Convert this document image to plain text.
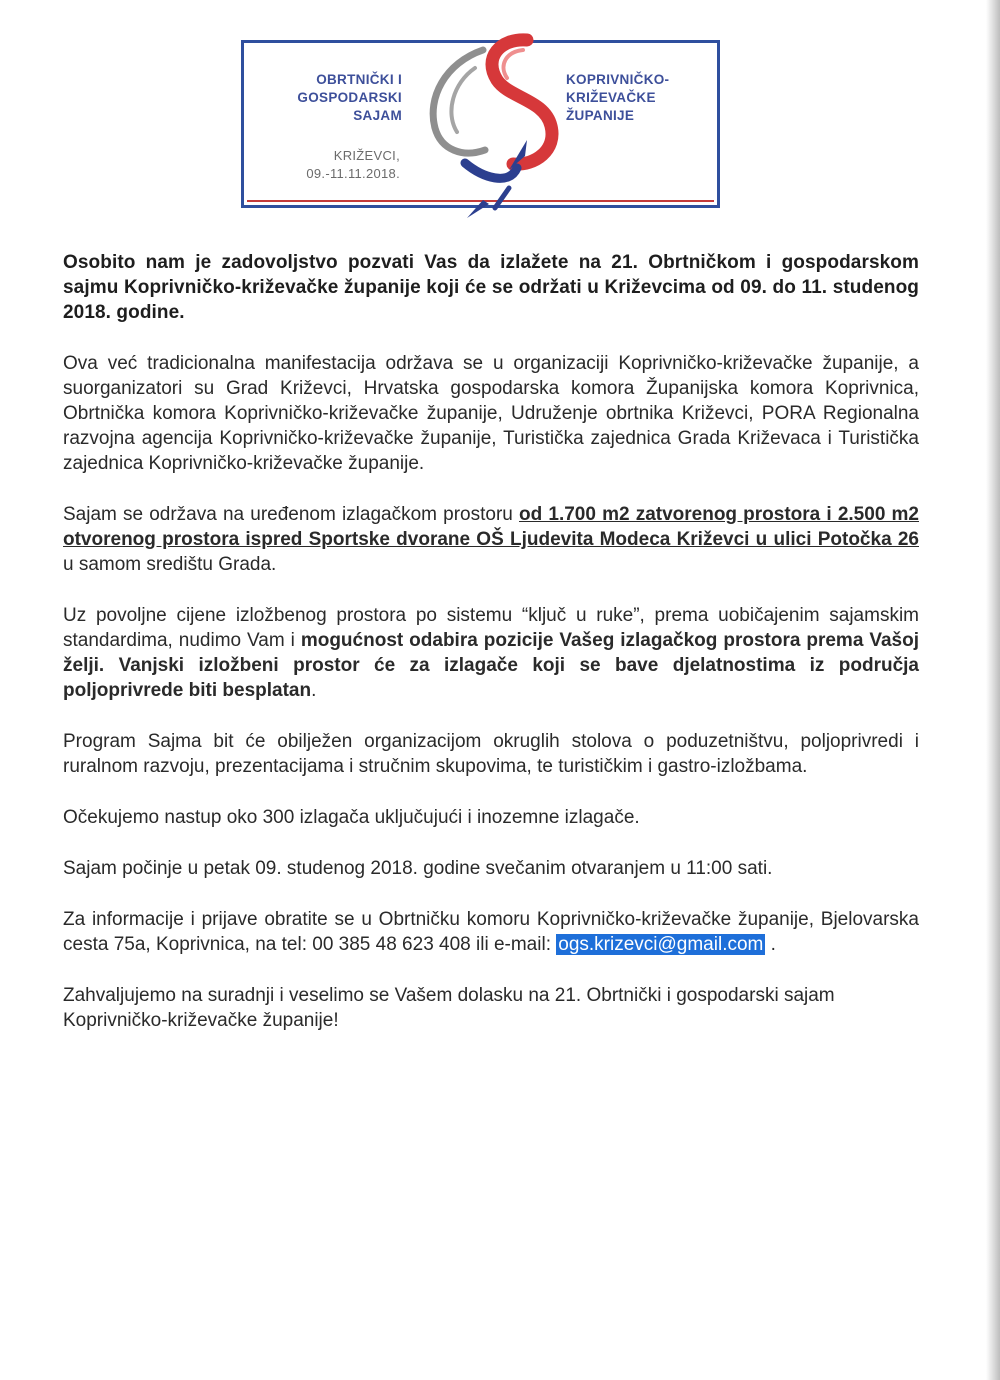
OBRTNIČKI I
GOSPODARSKI
SAJAM
KOPRIVNIČKO-
KRIŽEVAČKE
ŽUPANIJE
KRIŽEVCI,
09.-11.11.2018.

Osobito nam je zadovoljstvo pozvati Vas da izlažete na 21. Obrtničkom i gospodarskom sajmu Koprivničko-križevačke županije koji će se održati u Križevcima od 09. do 11. studenog 2018. godine.

Ova već tradicionalna manifestacija održava se u organizaciji Koprivničko-križevačke županije, a suorganizatori su Grad Križevci, Hrvatska gospodarska komora Županijska komora Koprivnica, Obrtnička komora Koprivničko-križevačke županije, Udruženje obrtnika Križevci, PORA Regionalna razvojna agencija Koprivničko-križevačke županije, Turistička zajednica Grada Križevaca i Turistička zajednica Koprivničko-križevačke županije.

Sajam se održava na uređenom izlagačkom prostoru od 1.700 m2 zatvorenog prostora i 2.500 m2 otvorenog prostora ispred Sportske dvorane OŠ Ljudevita Modeca Križevci u ulici Potočka 26 u samom središtu Grada.

Uz povoljne cijene izložbenog prostora po sistemu “ključ u ruke”, prema uobičajenim sajamskim standardima, nudimo Vam i mogućnost odabira pozicije Vašeg izlagačkog prostora prema Vašoj želji. Vanjski izložbeni prostor će za izlagače koji se bave djelatnostima iz područja poljoprivrede biti besplatan.

Program Sajma bit će obilježen organizacijom okruglih stolova o poduzetništvu, poljoprivredi i ruralnom razvoju, prezentacijama i stručnim skupovima, te turističkim i gastro-izložbama.

Očekujemo nastup oko 300 izlagača uključujući i inozemne izlagače.

Sajam počinje u petak 09. studenog 2018. godine svečanim otvaranjem u 11:00 sati.

Za informacije i prijave obratite se u Obrtničku komoru Koprivničko-križevačke županije, Bjelovarska cesta 75a, Koprivnica, na tel: 00 385 48 623 408 ili e-mail: ogs.krizevci@gmail.com .

Zahvaljujemo na suradnji i veselimo se Vašem dolasku na 21. Obrtnički i gospodarski sajam Koprivničko-križevačke županije!
